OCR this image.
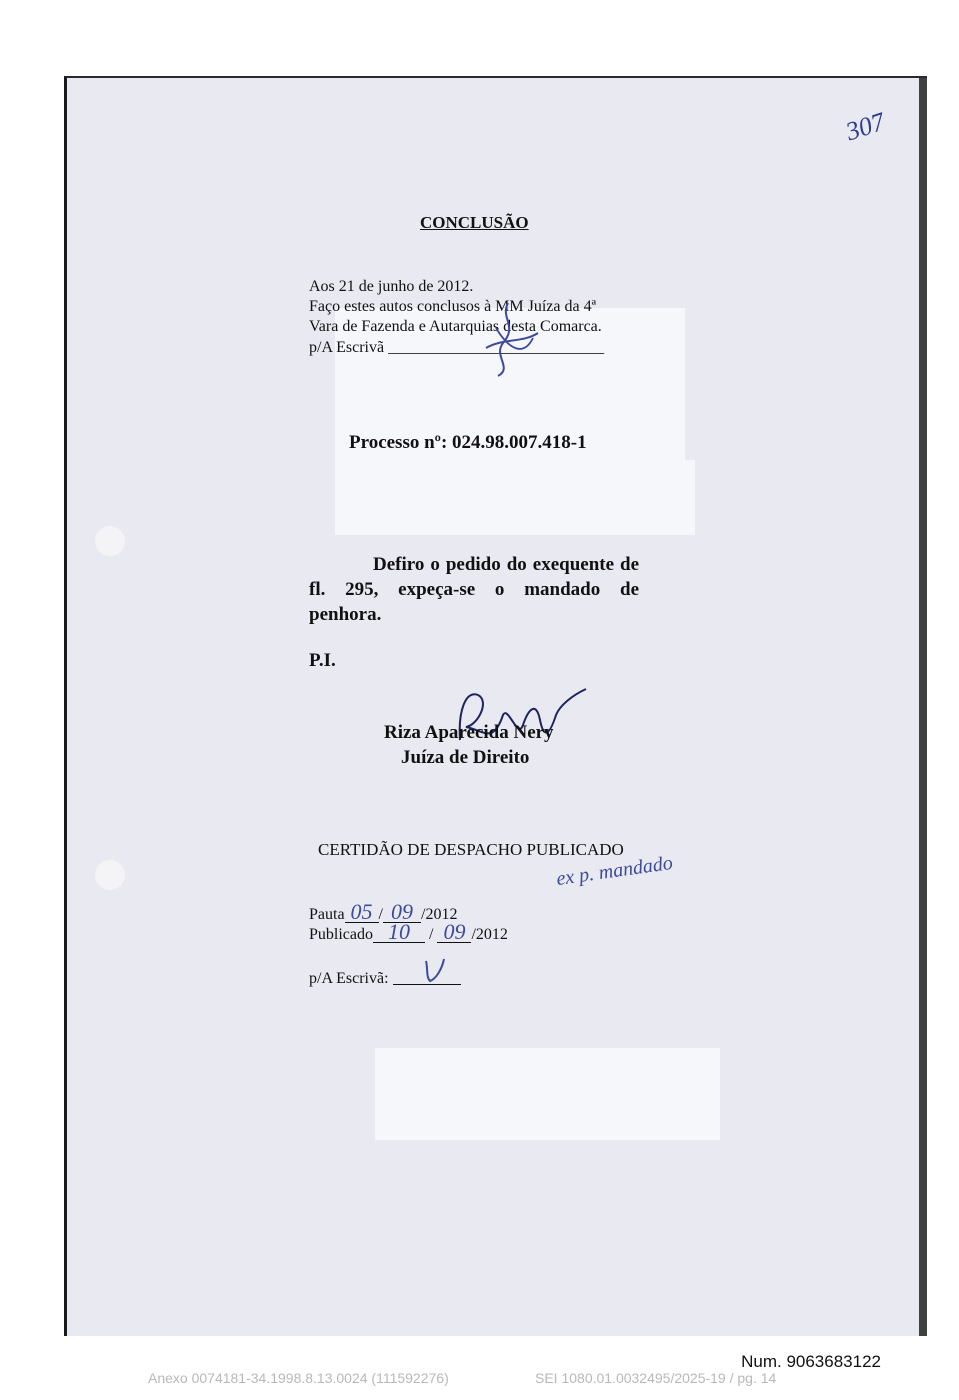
307
CONCLUSÃO
Aos 21 de junho de 2012.
Faço estes autos conclusos à MM Juíza da 4ª
Vara de Fazenda e Autarquias desta Comarca.
p/A Escrivã ___________________________
Processo nº: 024.98.007.418-1
Defiro o pedido do exequente de fl. 295, expeça-se o mandado de penhora.
P.I.
Riza Aparecida Nery
Juíza de Direito
CERTIDÃO DE DESPACHO PUBLICADO
ex p. mandado
Pauta 05 / 09 /2012
Publicado 10 / 09 /2012
p/A Escrivã:
Num. 9063683122
Anexo 0074181-34.1998.8.13.0024 (111592276)	SEI 1080.01.0032495/2025-19 / pg. 14
